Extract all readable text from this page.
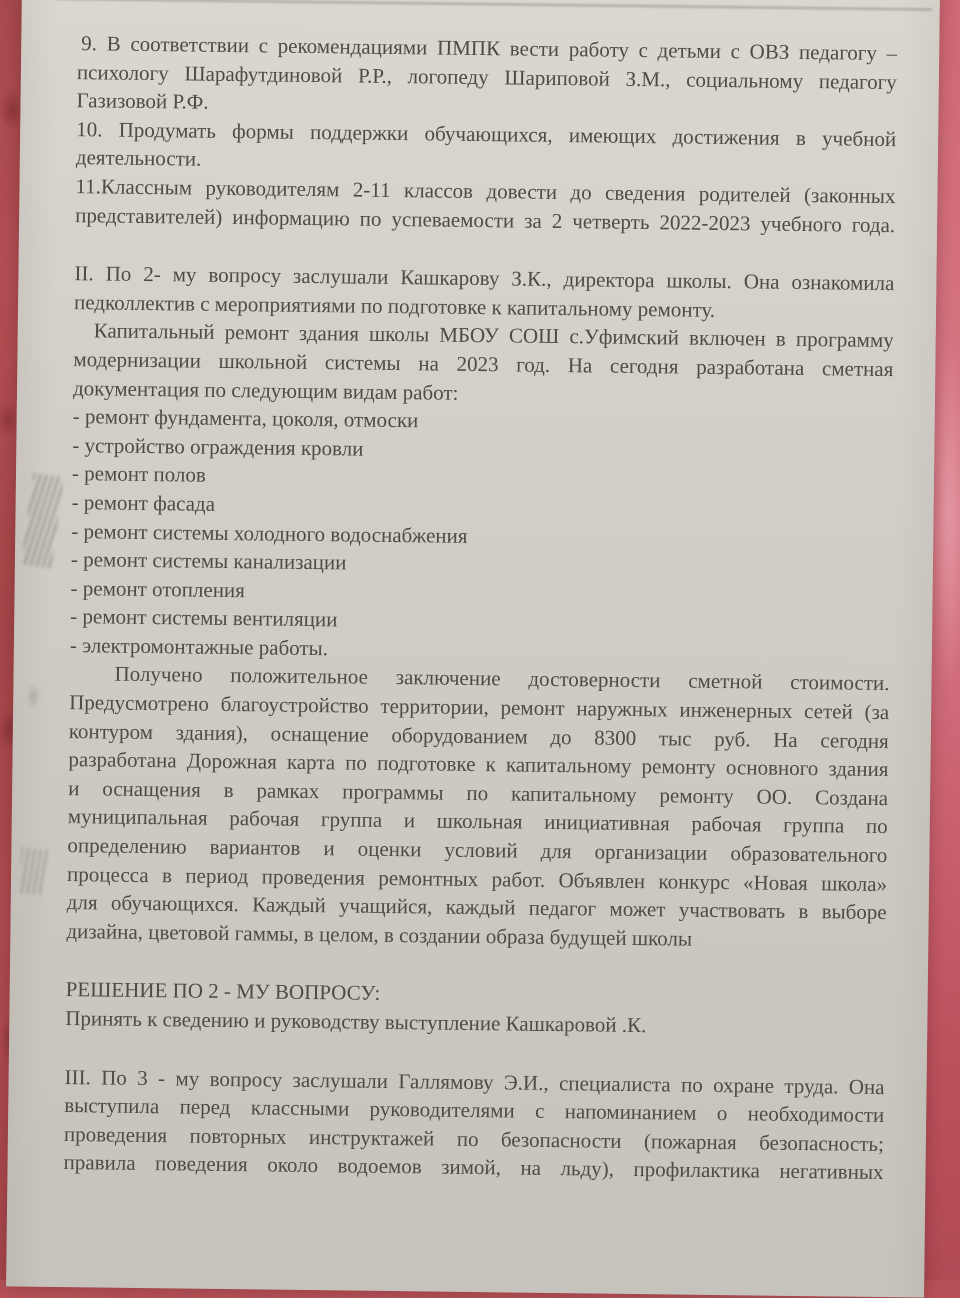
9. В соответствии с рекомендациями ПМПК вести работу с детьми с ОВЗ педагогу –
психологу Шарафутдиновой Р.Р., логопеду Шариповой З.М., социальному педагогу
Газизовой Р.Ф.
10. Продумать формы поддержки обучающихся, имеющих достижения в учебной
деятельности.
11.Классным руководителям 2-11 классов довести до сведения родителей (законных
представителей) информацию по успеваемости за 2 четверть 2022-2023 учебного года.
II. По 2- му вопросу заслушали Кашкарову З.К., директора школы. Она ознакомила
педколлектив с мероприятиями по подготовке к капитальному ремонту.
Капитальный ремонт здания школы МБОУ СОШ с.Уфимский включен в программу
модернизации школьной системы на 2023 год. На сегодня разработана сметная
документация по следующим видам работ:
- ремонт фундамента, цоколя, отмоски
- устройство ограждения кровли
- ремонт полов
- ремонт фасада
- ремонт системы холодного водоснабжения
- ремонт системы канализации
- ремонт отопления
- ремонт системы вентиляции
- электромонтажные работы.
Получено положительное заключение достоверности сметной стоимости.
Предусмотрено благоустройство территории, ремонт наружных инженерных сетей (за
контуром здания), оснащение оборудованием до 8300 тыс руб. На сегодня
разработана Дорожная карта по подготовке к капитальному ремонту основного здания
и оснащения в рамках программы по капитальному ремонту ОО. Создана
муниципальная рабочая группа и школьная инициативная рабочая группа по
определению вариантов и оценки условий для организации образовательного
процесса в период проведения ремонтных работ. Объявлен конкурс «Новая школа»
для обучающихся. Каждый учащийся, каждый педагог может участвовать в выборе
дизайна, цветовой гаммы, в целом, в создании образа будущей школы
РЕШЕНИЕ ПО 2 - МУ ВОПРОСУ:
Принять к сведению и руководству выступление Кашкаровой .К.
III. По 3 - му вопросу заслушали Галлямову Э.И., специалиста по охране труда. Она
выступила перед классными руководителями с напоминанием о необходимости
проведения повторных инструктажей по безопасности (пожарная безопасность;
правила поведения около водоемов зимой, на льду), профилактика негативных
